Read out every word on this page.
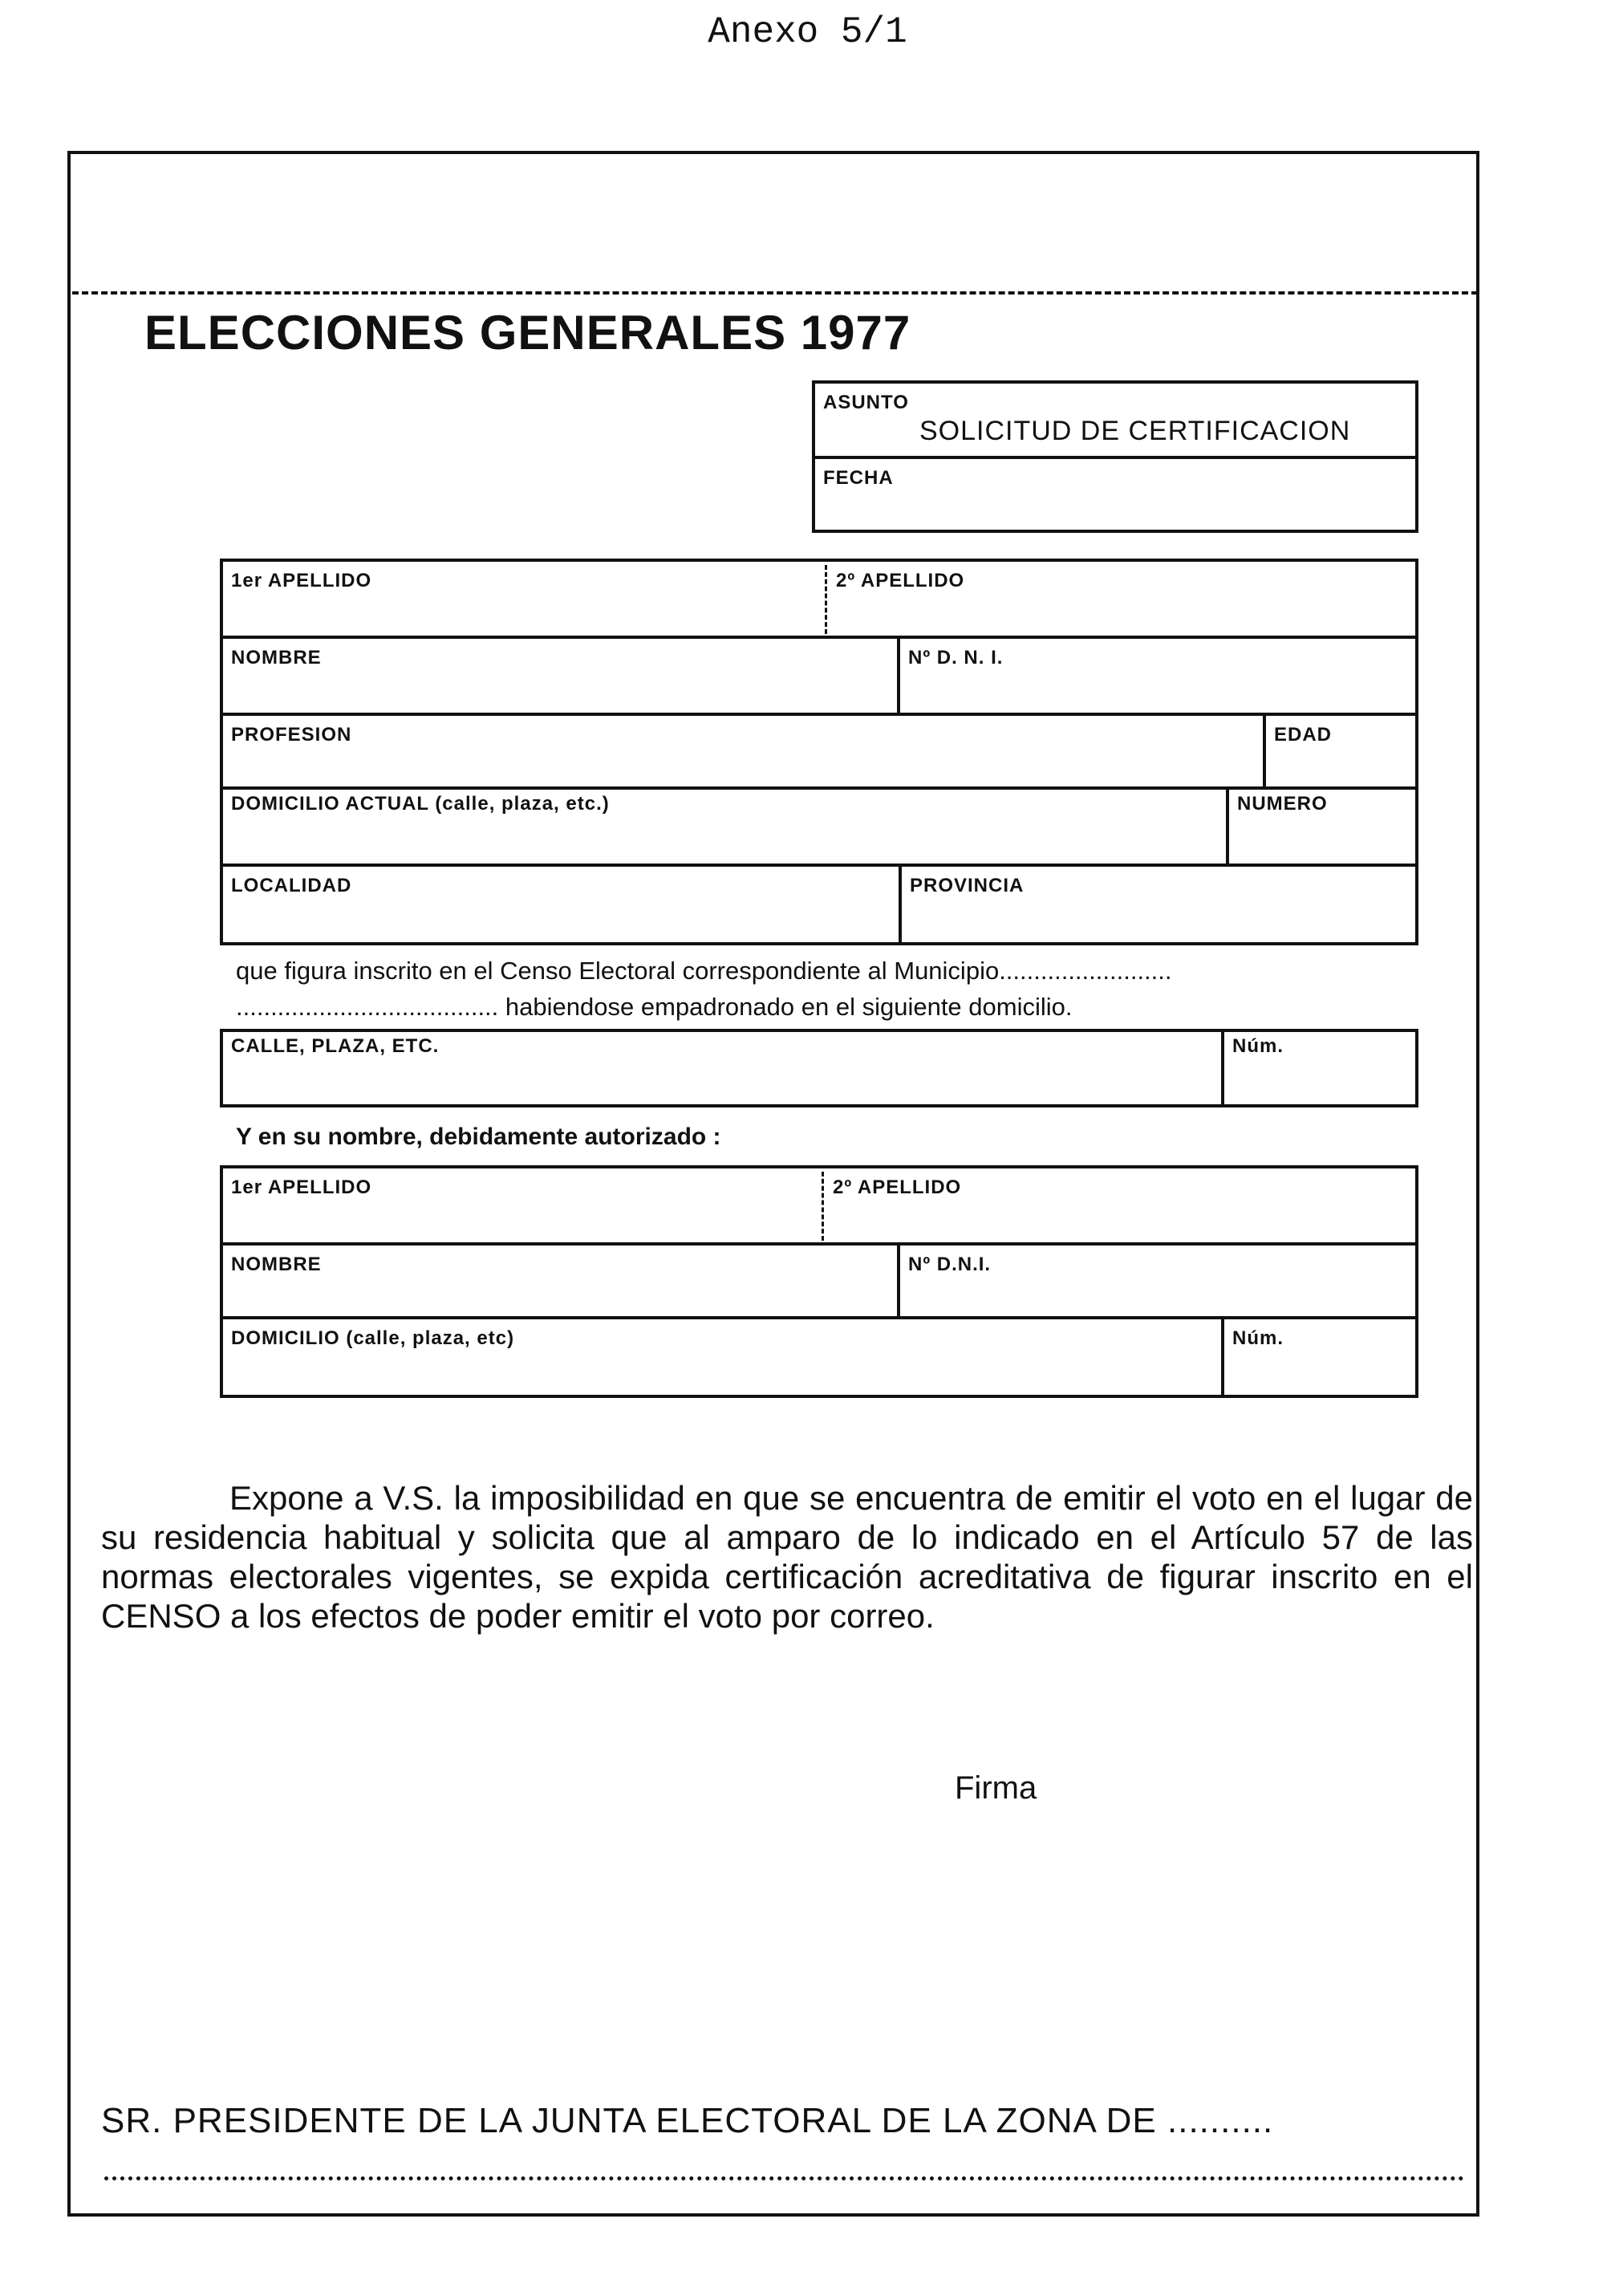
Anexo 5/1
ELECCIONES GENERALES 1977
ASUNTO
SOLICITUD DE CERTIFICACION
FECHA
1er APELLIDO	2º APELLIDO
NOMBRE	Nº D. N. I.
PROFESION	EDAD
DOMICILIO ACTUAL (calle, plaza, etc.)	NUMERO
LOCALIDAD	PROVINCIA
que figura inscrito en el Censo Electoral correspondiente al Municipio.........................
...................................... habiendose empadronado en el siguiente domicilio.
CALLE, PLAZA, ETC.	Núm.
Y en su nombre, debidamente autorizado :
1er APELLIDO	2º APELLIDO
NOMBRE	Nº D.N.I.
DOMICILIO (calle, plaza, etc)	Núm.
Expone a V.S. la imposibilidad en que se encuentra de emitir el voto en el lugar de su residencia habitual y solicita que al amparo de lo indicado en el Artículo 57 de las normas electorales vigentes, se expida certificación acreditativa de figurar inscrito en el CENSO a los efectos de poder emitir el voto por correo.
Firma
SR. PRESIDENTE DE LA JUNTA ELECTORAL DE LA ZONA DE ..........
